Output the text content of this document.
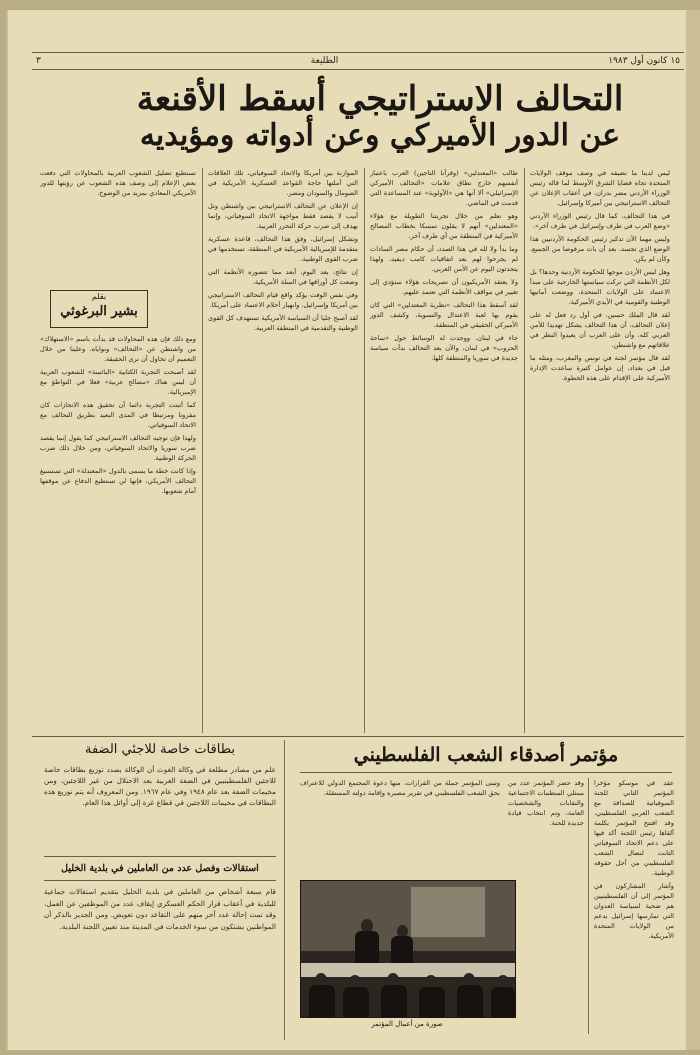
١٥ كانون أول ١٩٨٣
الطليعة
٣
التحالف الاستراتيجي أسقط الأقنعة
عن الدور الأميركي وعن أدواته ومؤيديه

ليس لدينا ما نضيفه في وصف موقف الولايات المتحدة تجاه قضايا الشرق الأوسط لما قاله رئيس الوزراء الأردني مضر بدران، في أعقاب الإعلان عن التحالف الاستراتيجي بين أميركا وإسرائيل.

في هذا التحالف، كما قال رئيس الوزراء الأردني «وضع العرب في طرف وإسرائيل في طرف آخر».

وليس مهما الآن تذكير رئيس الحكومة الأردنيين هذا الوضع الذي تجسد، بعد أن بات مرفوضا من الجميع، وكأن لم يكن.

وهل ليس الأردن موجها للحكومة الأردنية وحدها؟ بل لكل الأنظمة التي تركت سياستها الخارجية على مبدأ الاعتماد على الولايات المتحدة، ووضعت أمانيها الوطنية والقومية في الأيدي الأميركية.

لقد قال الملك حسين، في أول رد فعل له على إعلان التحالف، أن هذا التحالف يشكل تهديدا للأمن العربي كله، وأن على العرب أن يعيدوا النظر في علاقاتهم مع واشنطن.

لقد قال مؤتمر لجنة في تونس والمغرب، ومثله ما قيل في بغداد، إن عوامل كثيرة ساعدت الإدارة الأميركية على الإقدام على هذه الخطوة.

طالب «المعتدلين» (وقرأنا الناجين) العرب باعتبار أنفسهم خارج نطاق علامات «التحالف الأميركي الإسرائيلي» ألا أنها هي «الأولوية» عند المساعدة التي قدمت في الماضي.

وهو نعلم من خلال تجربتنا الطويلة مع هؤلاء «المعتدلين» أنهم لا يقلون تمسكا بخطاب المصالح الأميركية في المنطقة من أي طرف آخر.

وما بدأ ولا لله في هذا الصدد، أن حكام مصر السادات لم يجرحوا لهم بعد اتفاقيات كامب ديفيد، ولهذا يتحدثون اليوم عن الأمن العربي.

ولا يعتقد الأمريكيون أن تصريحات هؤلاء ستؤدي إلى تغيير في مواقف الأنظمة التي تعتمد عليهم.

لقد أسقط هذا التحالف «نظرية المعتدلين» التي كان يقوم بها لعبة الاعتدال والتسوية، وكشف الدور الأميركي الحقيقي في المنطقة.

جاء في لبنان، ووجدت له الوسائط حول «ساحة الحروب» في لبنان، والآن بعد التحالف بدأت سياسة جديدة في سوريا والمنطقة كلها.

الموازنة بين أمريكا والاتحاد السوفياتي، تلك العلاقات التي أملتها حاجة القواعد العسكرية الأمريكية في الصومال والسودان ومصر.

إن الإعلان عن التحالف الاستراتيجي بين واشنطن وتل أبيب لا يقصد فقط مواجهة الاتحاد السوفياتي، وإنما يهدف إلى ضرب حركة التحرر العربية.

وتشكل إسرائيل، وفق هذا التحالف، قاعدة عسكرية متقدمة للإمبريالية الأمريكية في المنطقة، تستخدمها في ضرب القوى الوطنية.

إن نتائج، يعد اليوم، أبعد مما تتصوره الأنظمة التي وضعت كل أوراقها في السلة الأمريكية.

وفي نفس الوقت يؤكد واقع قيام التحالف الاستراتيجي بين أمريكا وإسرائيل، وانهيار أحلام الاعتماد على أمريكا.

لقد أصبح جليا أن السياسة الأمريكية تستهدف كل القوى الوطنية والتقدمية في المنطقة العربية.

تستطيع تضليل الشعوب العربية بالمحاولات التي دفعت بعض الإعلام إلى وصف هذه الشعوب عن رؤيتها للدور الأمريكي المعادي بمزيد من الوضوح.

بقلم
بشير البرغوثي

ومع ذلك فإن هذه المحاولات قد بدأت باسم «الاستهلاك» من واشنطن عن «التحالف» ونواياه. وعلينا من خلال التعميم أن تحاول أن نرى الحقيقة.

لقد أصبحت التجربة الكتابية «البائسة» للشعوب العربية أن ليس هناك «مصالح عربية» فعلا في التواطؤ مع الإمبريالية.

كما أثبتت التجربة دائما أن تحقيق هذه الانجازات كان مقرونا ومرتبطا في المدى البعيد بطريق التحالف مع الاتحاد السوفياتي.

ولهذا فإن توجيه التحالف الاستراتيجي كما يقول إنما يقصد ضرب سوريا والاتحاد السوفياتي، ومن خلال ذلك ضرب الحركة الوطنية.

وإذا كانت خطة ما يسمى بالدول «المعتدلة» التي تستسيغ التحالف الأمريكي، فإنها لن تستطيع الدفاع عن موقفها أمام شعوبها.

بطاقات خاصة للاجئي الضفة
علم من مصادر مطلعة في وكالة الغوث أن الوكالة بصدد توزيع بطاقات خاصة للاجئين الفلسطينيين في الضفة الغربية بعد الاحتلال من غير اللاجئين، ومن مخيمات الضفة بعد عام ١٩٤٨ وفي عام ١٩٦٧. ومن المعروف أنه يتم توزيع هذه البطاقات في مخيمات اللاجئين في قطاع غزة إلى أوائل هذا العام.
استقالات وفصل عدد من العاملين في بلدية الخليل
قام سبعة أشخاص من العاملين في بلدية الخليل بتقديم استقالات جماعية للبلدية في أعقاب قرار الحكم العسكري إيقاف عدد من الموظفين عن العمل، وقد تمت إحالة عدد آخر منهم على التقاعد دون تعويض. ومن الجدير بالذكر أن المواطنين يشتكون من سوء الخدمات في المدينة منذ تعيين اللجنة البلدية.
مؤتمر أصدقاء الشعب الفلسطيني

عقد في موسكو مؤخرا المؤتمر الثاني للجنة السوفياتية للصداقة مع الشعب العربي الفلسطيني، وقد افتتح المؤتمر بكلمة ألقاها رئيس اللجنة أكد فيها على دعم الاتحاد السوفياتي الثابت لنضال الشعب الفلسطيني من أجل حقوقه الوطنية.

وأشار المشاركون في المؤتمر إلى أن الفلسطينيين هم ضحية لسياسة العدوان التي تمارسها إسرائيل بدعم من الولايات المتحدة الأمريكية.

وقد حضر المؤتمر عدد من ممثلي المنظمات الاجتماعية والنقابات والشخصيات العامة، وتم انتخاب قيادة جديدة للجنة.

وتبنى المؤتمر جملة من القرارات، منها دعوة المجتمع الدولي للاعتراف بحق الشعب الفلسطيني في تقرير مصيره وإقامة دولته المستقلة.

صورة من أعمال المؤتمر
